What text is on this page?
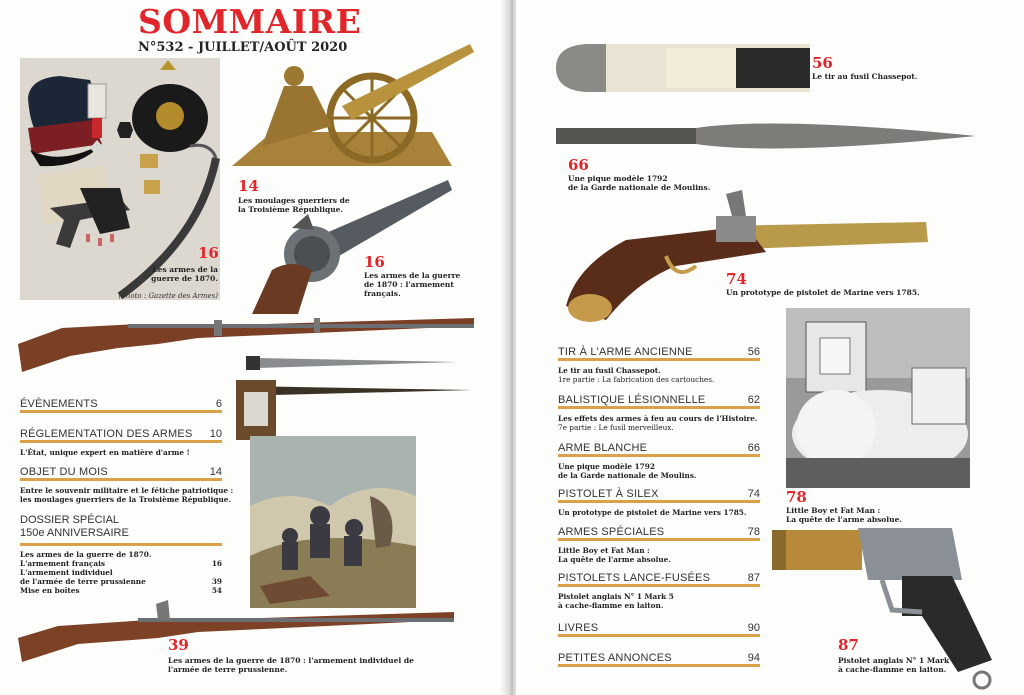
SOMMAIRE
N°532 - JUILLET/AOÛT 2020
16
Les armes de la guerre de 1870.
(Photo : Gazette des Armes)
14
Les moulages guerriers de la Troisième République.
16
Les armes de la guerre de 1870 : l'armement français.
ÉVÈNEMENTS	6
RÉGLEMENTATION DES ARMES 10
L'État, unique expert en matière d'arme !
OBJET DU MOIS	14
Entre le souvenir militaire et le fétiche patriotique :
les moulages guerriers de la Troisième République.
DOSSIER SPÉCIAL
150e ANNIVERSAIRE
Les armes de la guerre de 1870.
L'armement français	16
L'armement individuel
de l'armée de terre prussienne	39
Mise en boîtes	54
39
Les armes de la guerre de 1870 : l'armement individuel de l'armée de terre prussienne.
56
Le tir au fusil Chassepot.
66
Une pique modèle 1792
de la Garde nationale de Moulins.
74
Un prototype de pistolet de Marine vers 1785.
TIR À L'ARME ANCIENNE	56
Le tir au fusil Chassepot.
1re partie : La fabrication des cartouches.
BALISTIQUE LÉSIONNELLE	62
Les effets des armes à feu au cours de l'Histoire.
7e partie : Le fusil merveilleux.
ARME BLANCHE	66
Une pique modèle 1792
de la Garde nationale de Moulins.
PISTOLET À SILEX	74
Un prototype de pistolet de Marine vers 1785.
ARMES SPÉCIALES	78
Little Boy et Fat Man :
La quête de l'arme absolue.
PISTOLETS LANCE-FUSÉES	87
Pistolet anglais N° 1 Mark 5
à cache-flamme en laiton.
LIVRES	90
PETITES ANNONCES	94
78
Little Boy et Fat Man :
La quête de l'arme absolue.
87
Pistolet anglais N° 1 Mark 5
à cache-flamme en laiton.
